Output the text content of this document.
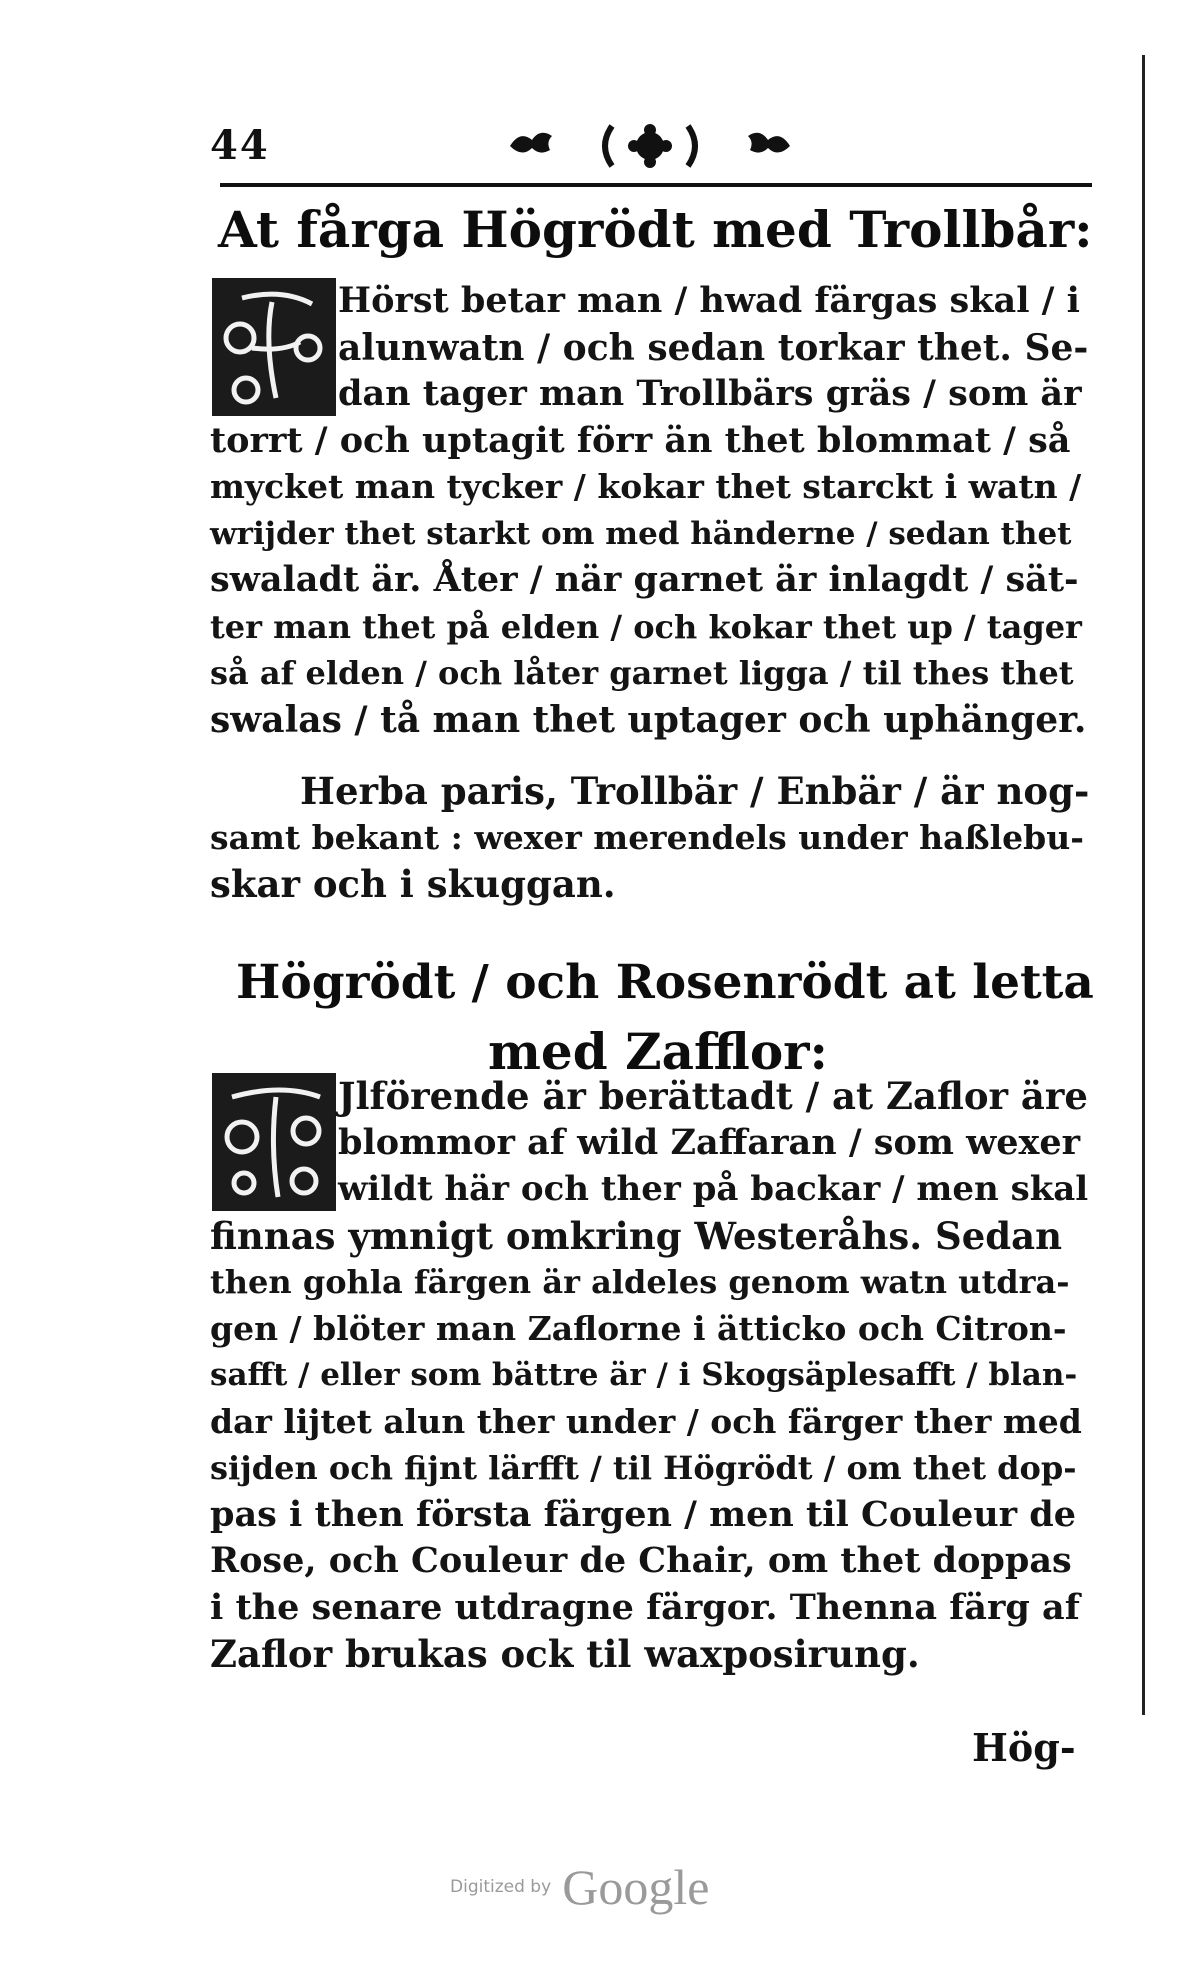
44
At fårga Högrödt med Trollbår:
Hörst betar man / hwad färgas skal / i
alunwatn / och sedan torkar thet. Se-
dan tager man Trollbärs gräs / som är
torrt / och uptagit förr än thet blommat / så
mycket man tycker / kokar thet starckt i watn /
wrijder thet starkt om med händerne / sedan thet
swaladt är. Åter / när garnet är inlagdt / sät-
ter man thet på elden / och kokar thet up / tager
så af elden / och låter garnet ligga / til thes thet
swalas / tå man thet uptager och uphänger.
Herba paris, Trollbär / Enbär / är nog-
samt bekant : wexer merendels under haßlebu-
skar och i skuggan.
Högrödt / och Rosenrödt at letta
med Zafflor:
Jlförende är berättadt / at Zaflor äre
blommor af wild Zaffaran / som wexer
wildt här och ther på backar / men skal
finnas ymnigt omkring Westeråhs. Sedan
then gohla färgen är aldeles genom watn utdra-
gen / blöter man Zaflorne i ätticko och Citron-
safft / eller som bättre är / i Skogsäplesafft / blan-
dar lijtet alun ther under / och färger ther med
sijden och fijnt lärfft / til Högrödt / om thet dop-
pas i then första färgen / men til Couleur de
Rose, och Couleur de Chair, om thet doppas
i the senare utdragne färgor. Thenna färg af
Zaflor brukas ock til waxposirung.
Hög-
Digitized by Google
